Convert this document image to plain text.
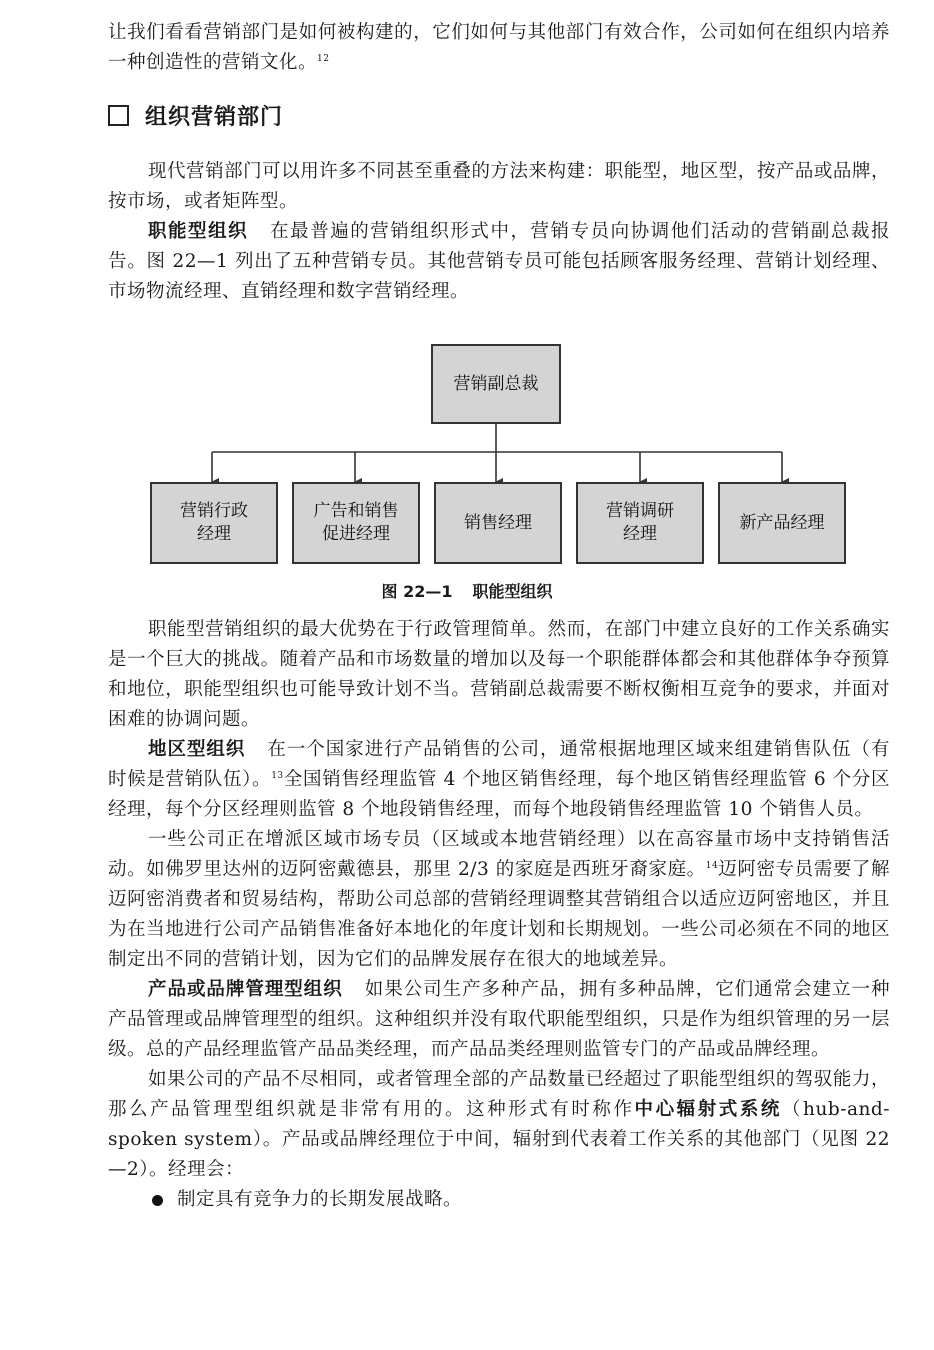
让我们看看营销部门是如何被构建的，它们如何与其他部门有效合作，公司如何在组织内培养一种创造性的营销文化。$^{12}$

组织营销部门

现代营销部门可以用许多不同甚至重叠的方法来构建：职能型，地区型，按产品或品牌，按市场，或者矩阵型。

职能型组织 在最普遍的营销组织形式中，营销专员向协调他们活动的营销副总裁报告。图 22—1 列出了五种营销专员。其他营销专员可能包括顾客服务经理、营销计划经理、市场物流经理、直销经理和数字营销经理。

职能型营销组织的最大优势在于行政管理简单。然而，在部门中建立良好的工作关系确实是一个巨大的挑战。随着产品和市场数量的增加以及每一个职能群体都会和其他群体争夺预算和地位，职能型组织也可能导致计划不当。营销副总裁需要不断权衡相互竞争的要求，并面对困难的协调问题。

地区型组织 在一个国家进行产品销售的公司，通常根据地理区域来组建销售队伍（有时候是营销队伍）。$^{13}$全国销售经理监管 4 个地区销售经理，每个地区销售经理监管 6 个分区经理，每个分区经理则监管 8 个地段销售经理，而每个地段销售经理监管 10 个销售人员。

一些公司正在增派区域市场专员（区域或本地营销经理）以在高容量市场中支持销售活动。如佛罗里达州的迈阿密戴德县，那里 2/3 的家庭是西班牙裔家庭。$^{14}$迈阿密专员需要了解迈阿密消费者和贸易结构，帮助公司总部的营销经理调整其营销组合以适应迈阿密地区，并且为在当地进行公司产品销售准备好本地化的年度计划和长期规划。一些公司必须在不同的地区制定出不同的营销计划，因为它们的品牌发展存在很大的地域差异。

产品或品牌管理型组织 如果公司生产多种产品，拥有多种品牌，它们通常会建立一种产品管理或品牌管理型的组织。这种组织并没有取代职能型组织，只是作为组织管理的另一层级。总的产品经理监管产品品类经理，而产品品类经理则监管专门的产品或品牌经理。

如果公司的产品不尽相同，或者管理全部的产品数量已经超过了职能型组织的驾驭能力，那么产品管理型组织就是非常有用的。这种形式有时称作中心辐射式系统（hub-and-spoken system）。产品或品牌经理位于中间，辐射到代表着工作关系的其他部门（见图 22—2）。经理会：

制定具有竞争力的长期发展战略。

营销副总裁
营销行政
经理
广告和销售
促进经理
销售经理
营销调研
经理
新产品经理
图 22—1 职能型组织
